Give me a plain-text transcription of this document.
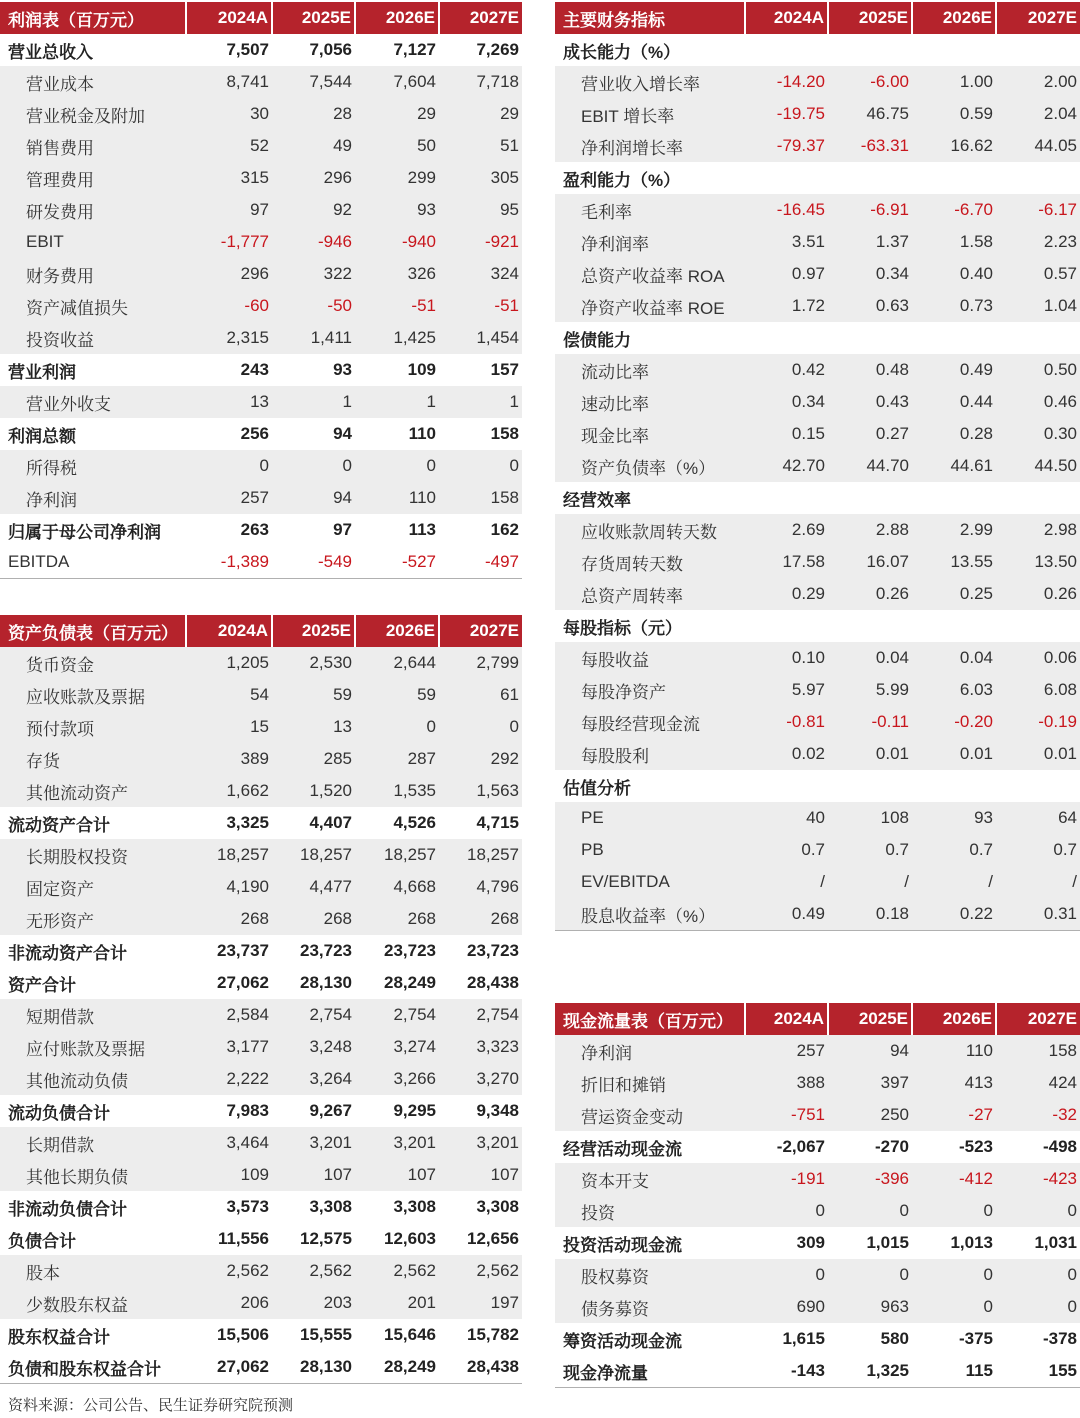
利润表（百万元）	2024A	2025E	2026E	2027E
营业总收入	7,507	7,056	7,127	7,269
营业成本	8,741	7,544	7,604	7,718
营业税金及附加	30	28	29	29
销售费用	52	49	50	51
管理费用	315	296	299	305
研发费用	97	92	93	95
EBIT	-1,777	-946	-940	-921
财务费用	296	322	326	324
资产减值损失	-60	-50	-51	-51
投资收益	2,315	1,411	1,425	1,454
营业利润	243	93	109	157
营业外收支	13	1	1	1
利润总额	256	94	110	158
所得税	0	0	0	0
净利润	257	94	110	158
归属于母公司净利润	263	97	113	162
EBITDA	-1,389	-549	-527	-497
主要财务指标	2024A	2025E	2026E	2027E
成长能力（%）				
营业收入增长率	-14.20	-6.00	1.00	2.00
EBIT 增长率	-19.75	46.75	0.59	2.04
净利润增长率	-79.37	-63.31	16.62	44.05
盈利能力（%）				
毛利率	-16.45	-6.91	-6.70	-6.17
净利润率	3.51	1.37	1.58	2.23
总资产收益率 ROA	0.97	0.34	0.40	0.57
净资产收益率 ROE	1.72	0.63	0.73	1.04
偿债能力				
流动比率	0.42	0.48	0.49	0.50
速动比率	0.34	0.43	0.44	0.46
现金比率	0.15	0.27	0.28	0.30
资产负债率（%）	42.70	44.70	44.61	44.50
经营效率				
应收账款周转天数	2.69	2.88	2.99	2.98
存货周转天数	17.58	16.07	13.55	13.50
总资产周转率	0.29	0.26	0.25	0.26
每股指标（元）				
每股收益	0.10	0.04	0.04	0.06
每股净资产	5.97	5.99	6.03	6.08
每股经营现金流	-0.81	-0.11	-0.20	-0.19
每股股利	0.02	0.01	0.01	0.01
估值分析				
PE	40	108	93	64
PB	0.7	0.7	0.7	0.7
EV/EBITDA	/	/	/	/
股息收益率（%）	0.49	0.18	0.22	0.31
资产负债表（百万元）	2024A	2025E	2026E	2027E
货币资金	1,205	2,530	2,644	2,799
应收账款及票据	54	59	59	61
预付款项	15	13	0	0
存货	389	285	287	292
其他流动资产	1,662	1,520	1,535	1,563
流动资产合计	3,325	4,407	4,526	4,715
长期股权投资	18,257	18,257	18,257	18,257
固定资产	4,190	4,477	4,668	4,796
无形资产	268	268	268	268
非流动资产合计	23,737	23,723	23,723	23,723
资产合计	27,062	28,130	28,249	28,438
短期借款	2,584	2,754	2,754	2,754
应付账款及票据	3,177	3,248	3,274	3,323
其他流动负债	2,222	3,264	3,266	3,270
流动负债合计	7,983	9,267	9,295	9,348
长期借款	3,464	3,201	3,201	3,201
其他长期负债	109	107	107	107
非流动负债合计	3,573	3,308	3,308	3,308
负债合计	11,556	12,575	12,603	12,656
股本	2,562	2,562	2,562	2,562
少数股东权益	206	203	201	197
股东权益合计	15,506	15,555	15,646	15,782
负债和股东权益合计	27,062	28,130	28,249	28,438
现金流量表（百万元）	2024A	2025E	2026E	2027E
净利润	257	94	110	158
折旧和摊销	388	397	413	424
营运资金变动	-751	250	-27	-32
经营活动现金流	-2,067	-270	-523	-498
资本开支	-191	-396	-412	-423
投资	0	0	0	0
投资活动现金流	309	1,015	1,013	1,031
股权募资	0	0	0	0
债务募资	690	963	0	0
筹资活动现金流	1,615	580	-375	-378
现金净流量	-143	1,325	115	155
资料来源：公司公告、民生证券研究院预测
